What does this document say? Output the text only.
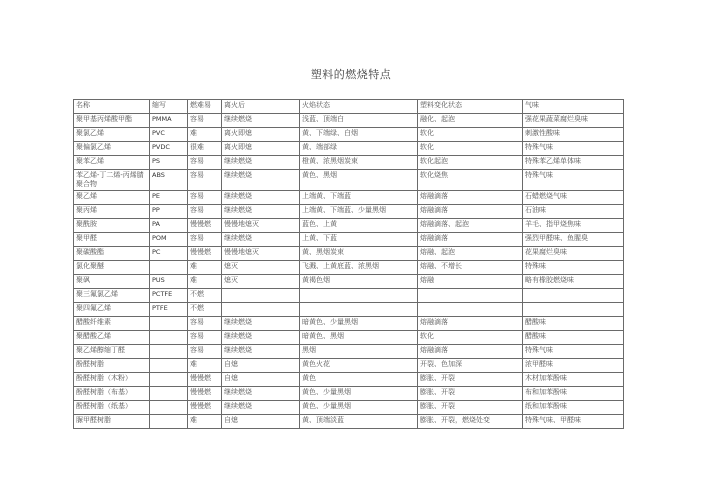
塑料的燃烧特点
名称	缩写	燃难易	离火后	火焰状态	塑料变化状态	气味
聚甲基丙烯酸甲酯	PMMA	容易	继续燃烧	浅蓝、顶端白	融化、起泡	强花果蔬菜腐烂臭味
聚氯乙烯	PVC	难	离火即熄	黄、下端绿、白烟	软化	刺激性酸味
聚偏氯乙烯	PVDC	很难	离火即熄	黄、端部绿	软化	特殊气味
聚苯乙烯	PS	容易	继续燃烧	橙黄、浓黑烟炭束	软化起泡	特殊苯乙烯单体味
苯乙烯-丁二烯-丙烯腈聚合物	ABS	容易	继续燃烧	黄色、黑烟	软化烧焦	特殊气味
聚乙烯	PE	容易	继续燃烧	上端黄、下端蓝	熔融滴落	石蜡燃烧气味
聚丙烯	PP	容易	继续燃烧	上端黄、下端蓝、少量黑烟	熔融滴落	石油味
聚酰胺	PA	慢慢燃	慢慢地熄灭	蓝色、上黄	熔融滴落、起泡	羊毛、指甲烧焦味
聚甲醛	POM	容易	继续燃烧	上黄、下蓝	熔融滴落	强烈甲醛味、鱼腥臭
聚碳酸酯	PC	慢慢燃	慢慢地熄灭	黄、黑烟炭束	熔融、起泡	花果腐烂臭味
氯化聚醚		难	熄灭	飞溅、上黄底蓝、浓黑烟	熔融、不增长	特殊味
聚砜	PUS	难	熄灭	黄褐色烟	熔融	略有橡胶燃烧味
聚三氟氯乙烯	PCTFE	不燃				
聚四氟乙烯	PTFE	不燃				
醋酸纤维素		容易	继续燃烧	暗黄色、少量黑烟	熔融滴落	醋酸味
聚醋酸乙烯		容易	继续燃烧	暗黄色、黑烟	软化	醋酸味
聚乙烯醇缩丁醛		容易	继续燃烧	黑烟	熔融滴落	特殊气味
酚醛树脂		难	自熄	黄色火花	开裂、色加深	浓甲醛味
酚醛树脂（木粉）		慢慢燃	自熄	黄色	膨胀、开裂	木材加苯酚味
酚醛树脂（布基）		慢慢燃	继续燃烧	黄色、少量黑烟	膨胀、开裂	布和加苯酚味
酚醛树脂（纸基）		慢慢燃	继续燃烧	黄色、少量黑烟	膨胀、开裂	纸和加苯酚味
脲甲醛树脂		难	自熄	黄、顶端淡蓝	膨胀、开裂，燃烧处变	特殊气味、甲醛味
